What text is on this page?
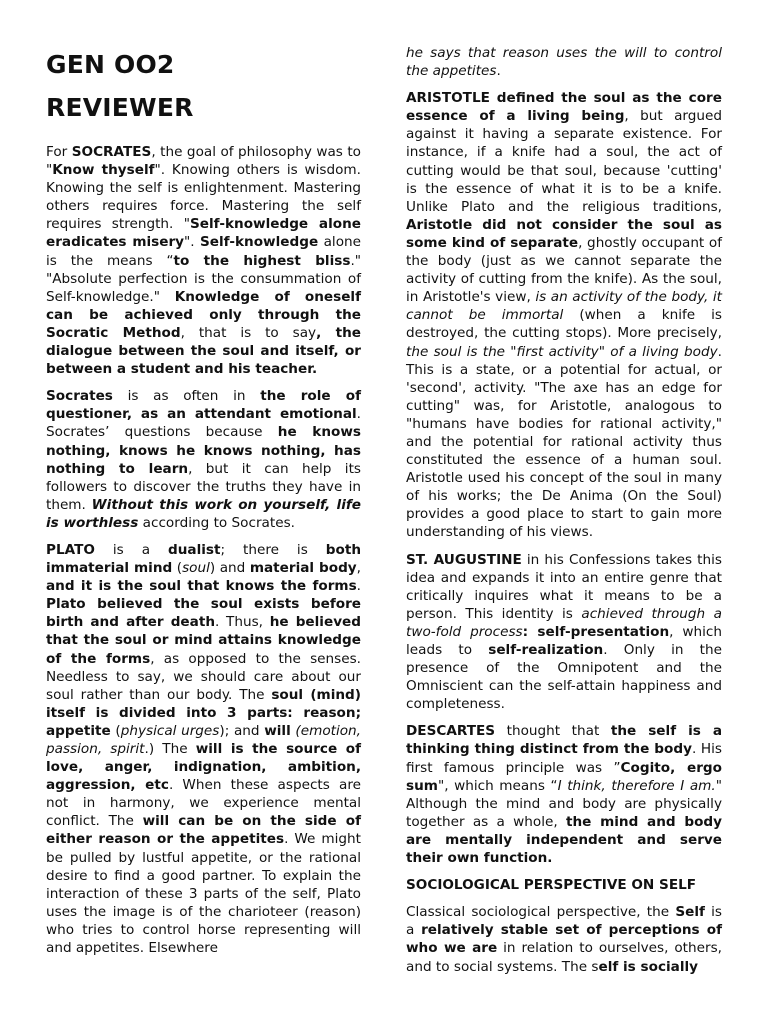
GEN OO2
REVIEWER

For SOCRATES, the goal of philosophy was to "Know thyself". Knowing others is wisdom. Knowing the self is enlightenment. Mastering others requires force. Mastering the self requires strength. "Self-knowledge alone eradicates misery". Self-knowledge alone is the means “to the highest bliss." "Absolute perfection is the consummation of Self-knowledge." Knowledge of oneself can be achieved only through the Socratic Method, that is to say, the dialogue between the soul and itself, or between a student and his teacher.

Socrates is as often in the role of questioner, as an attendant emotional. Socrates’ questions because he knows nothing, knows he knows nothing, has nothing to learn, but it can help its followers to discover the truths they have in them. Without this work on yourself, life is worthless according to Socrates.

PLATO is a dualist; there is both immaterial mind (soul) and material body, and it is the soul that knows the forms. Plato believed the soul exists before birth and after death. Thus, he believed that the soul or mind attains knowledge of the forms, as opposed to the senses. Needless to say, we should care about our soul rather than our body. The soul (mind) itself is divided into 3 parts: reason; appetite (physical urges); and will (emotion, passion, spirit.) The will is the source of love, anger, indignation, ambition, aggression, etc. When these aspects are not in harmony, we experience mental conflict. The will can be on the side of either reason or the appetites. We might be pulled by lustful appetite, or the rational desire to find a good partner. To explain the interaction of these 3 parts of the self, Plato uses the image is of the charioteer (reason) who tries to control horse representing will and appetites. Elsewhere

he says that reason uses the will to control the appetites.

ARISTOTLE defined the soul as the core essence of a living being, but argued against it having a separate existence. For instance, if a knife had a soul, the act of cutting would be that soul, because 'cutting' is the essence of what it is to be a knife. Unlike Plato and the religious traditions, Aristotle did not consider the soul as some kind of separate, ghostly occupant of the body (just as we cannot separate the activity of cutting from the knife). As the soul, in Aristotle's view, is an activity of the body, it cannot be immortal (when a knife is destroyed, the cutting stops). More precisely, the soul is the "first activity" of a living body. This is a state, or a potential for actual, or 'second', activity. "The axe has an edge for cutting" was, for Aristotle, analogous to "humans have bodies for rational activity," and the potential for rational activity thus constituted the essence of a human soul. Aristotle used his concept of the soul in many of his works; the De Anima (On the Soul) provides a good place to start to gain more understanding of his views.

ST. AUGUSTINE in his Confessions takes this idea and expands it into an entire genre that critically inquires what it means to be a person. This identity is achieved through a two-fold process: self-presentation, which leads to self-realization. Only in the presence of the Omnipotent and the Omniscient can the self-attain happiness and completeness.

DESCARTES thought that the self is a thinking thing distinct from the body. His first famous principle was ”Cogito, ergo sum", which means “I think, therefore I am." Although the mind and body are physically together as a whole, the mind and body are mentally independent and serve their own function.

SOCIOLOGICAL PERSPECTIVE ON SELF

Classical sociological perspective, the Self is a relatively stable set of perceptions of who we are in relation to ourselves, others, and to social systems. The self is socially
